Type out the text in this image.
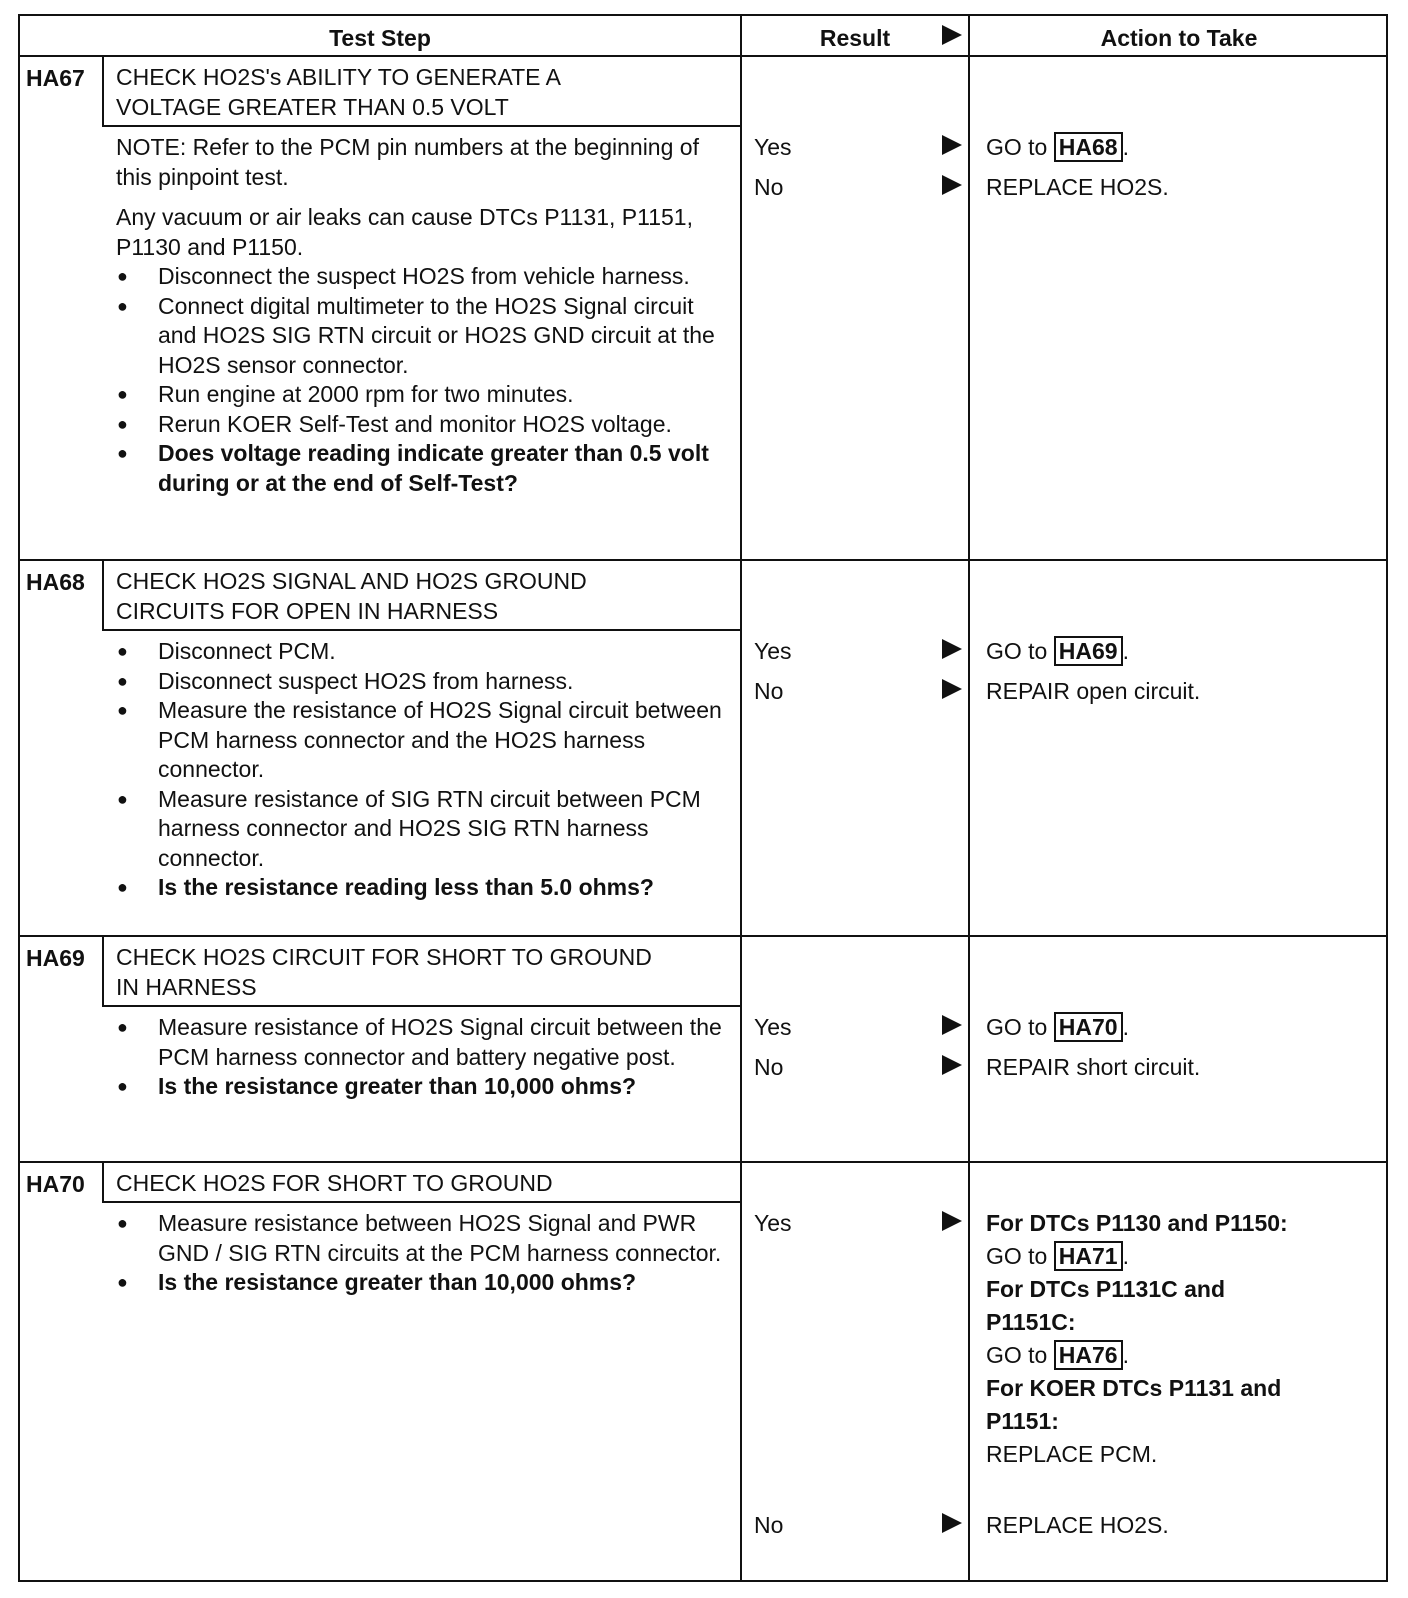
Test Step	Result	Action to Take
HA67 CHECK HO2S's ABILITY TO GENERATE A
VOLTAGE GREATER THAN 0.5 VOLT

NOTE: Refer to the PCM pin numbers at the beginning of this pinpoint test.

Any vacuum or air leaks can cause DTCs P1131, P1151, P1130 and P1150.

● Disconnect the suspect HO2S from vehicle harness.
● Connect digital multimeter to the HO2S Signal circuit and HO2S SIG RTN circuit or HO2S GND circuit at the HO2S sensor connector.
● Run engine at 2000 rpm for two minutes.
● Rerun KOER Self-Test and monitor HO2S voltage.
● Does voltage reading indicate greater than 0.5 volt during or at the end of Self-Test?
Yes	GO to HA68 .
No	REPLACE HO2S.
HA68 CHECK HO2S SIGNAL AND HO2S GROUND
CIRCUITS FOR OPEN IN HARNESS
● Disconnect PCM.
● Disconnect suspect HO2S from harness.
● Measure the resistance of HO2S Signal circuit between PCM harness connector and the HO2S harness connector.
● Measure resistance of SIG RTN circuit between PCM harness connector and HO2S SIG RTN harness connector.
● Is the resistance reading less than 5.0 ohms?
Yes	GO to HA69 .
No	REPAIR open circuit.
HA69 CHECK HO2S CIRCUIT FOR SHORT TO GROUND
IN HARNESS
● Measure resistance of HO2S Signal circuit between the PCM harness connector and battery negative post.
● Is the resistance greater than 10,000 ohms?
Yes	GO to HA70 .
No	REPAIR short circuit.
HA70 CHECK HO2S FOR SHORT TO GROUND
● Measure resistance between HO2S Signal and PWR GND / SIG RTN circuits at the PCM harness connector.
● Is the resistance greater than 10,000 ohms?
Yes	For DTCs P1130 and P1150:
GO to HA71 .
For DTCs P1131C and
P1151C:
GO to HA76 .
For KOER DTCs P1131 and
P1151:
REPLACE PCM.
No	REPLACE HO2S.
